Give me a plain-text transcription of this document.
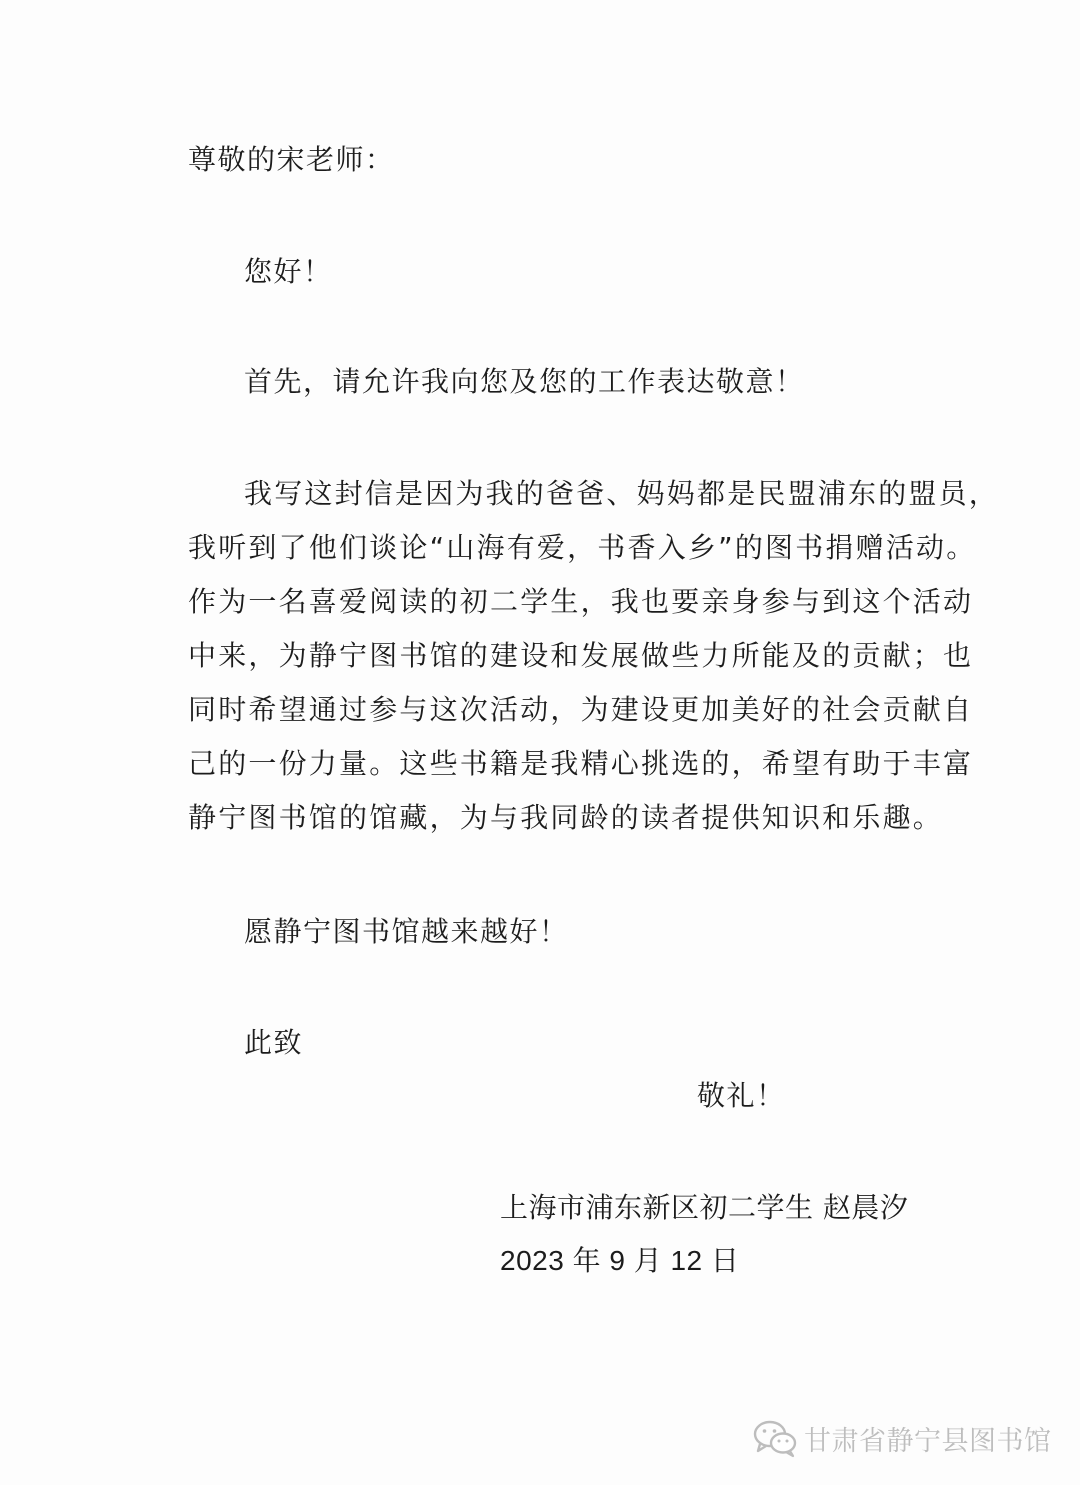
尊敬的宋老师：
您好！
首先，请允许我向您及您的工作表达敬意！
我写这封信是因为我的爸爸、妈妈都是民盟浦东的盟员，
我听到了他们谈论“山海有爱，书香入乡”的图书捐赠活动。
作为一名喜爱阅读的初二学生，我也要亲身参与到这个活动
中来，为静宁图书馆的建设和发展做些力所能及的贡献；也
同时希望通过参与这次活动，为建设更加美好的社会贡献自
己的一份力量。这些书籍是我精心挑选的，希望有助于丰富
静宁图书馆的馆藏，为与我同龄的读者提供知识和乐趣。
愿静宁图书馆越来越好！
此致
敬礼！
上海市浦东新区初二学生 赵晨汐
2023 年 9 月 12 日
甘肃省静宁县图书馆
